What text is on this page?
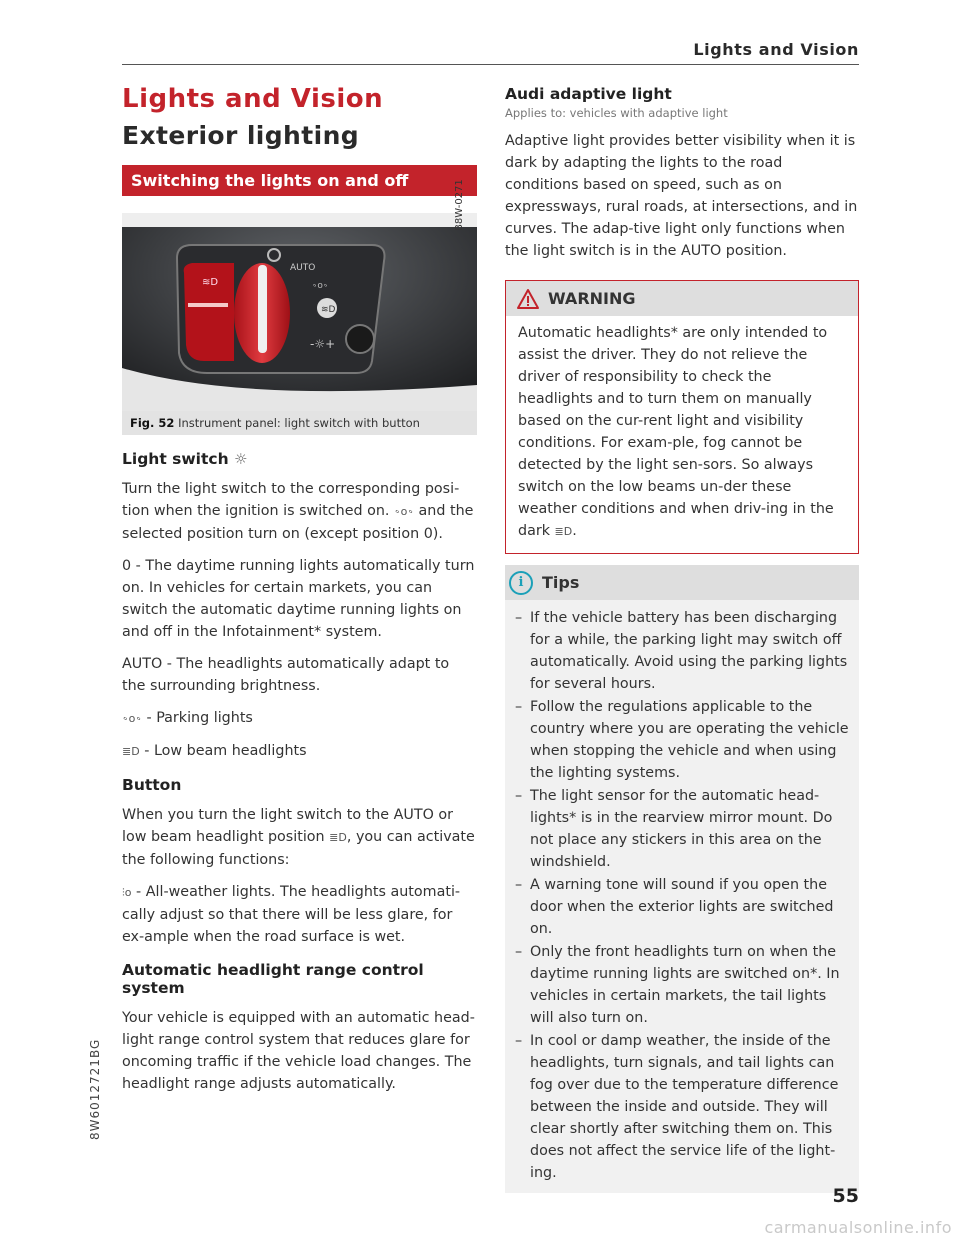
Lights and Vision
Lights and Vision
Exterior lighting
Switching the lights on and off
≋D
AUTO
꠶o꠶
≋D
-☼+
B8W-0271
Fig. 52 Instrument panel: light switch with button
Light switch ☼

Turn the light switch to the corresponding posi-tion when the ignition is switched on. ꠶o꠶ and the selected position turn on (except position 0).

0 - The daytime running lights automatically turn on. In vehicles for certain markets, you can switch the automatic daytime running lights on and off in the Infotainment* system.

AUTO - The headlights automatically adapt to the surrounding brightness.

꠶o꠶ - Parking lights

≣D - Low beam headlights

Button

When you turn the light switch to the AUTO or low beam headlight position ≣D, you can activate the following functions:

⫶o - All-weather lights. The headlights automati-cally adjust so that there will be less glare, for ex-ample when the road surface is wet.

Automatic headlight range control system

Your vehicle is equipped with an automatic head-light range control system that reduces glare for oncoming traffic if the vehicle load changes. The headlight range adjusts automatically.

Audi adaptive light
Applies to: vehicles with adaptive light

Adaptive light provides better visibility when it is dark by adapting the lights to the road conditions based on speed, such as on expressways, rural roads, at intersections, and in curves. The adap-tive light only functions when the light switch is in the AUTO position.

WARNING

Automatic headlights* are only intended to assist the driver. They do not relieve the driver of responsibility to check the headlights and to turn them on manually based on the cur-rent light and visibility conditions. For exam-ple, fog cannot be detected by the light sen-sors. So always switch on the low beams un-der these weather conditions and when driv-ing in the dark ≣D.

i	Tips
– If the vehicle battery has been discharging for a while, the parking light may switch off automatically. Avoid using the parking lights for several hours.
– Follow the regulations applicable to the country where you are operating the vehicle when stopping the vehicle and when using the lighting systems.
– The light sensor for the automatic head-lights* is in the rearview mirror mount. Do not place any stickers in this area on the windshield.
– A warning tone will sound if you open the door when the exterior lights are switched on.
– Only the front headlights turn on when the daytime running lights are switched on*. In vehicles in certain markets, the tail lights will also turn on.
– In cool or damp weather, the inside of the headlights, turn signals, and tail lights can fog over due to the temperature difference between the inside and outside. They will clear shortly after switching them on. This does not affect the service life of the light-ing.
55
8W6012721BG
carmanualsonline.info
